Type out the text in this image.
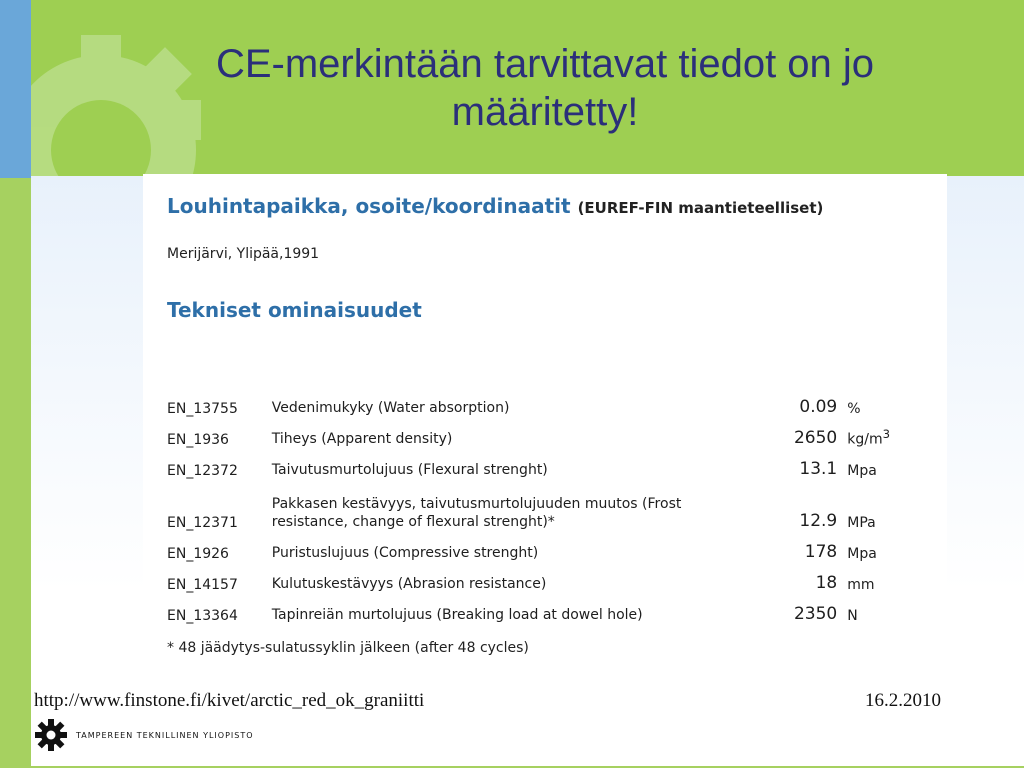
CE-merkintään tarvittavat tiedot on jo määritetty!
Louhintapaikka, osoite/koordinaatit (EUREF-FIN maantieteelliset)
Merijärvi, Ylipää,1991
Tekniset ominaisuudet
EN_13755	Vedenimukyky (Water absorption)	0.09	%
EN_1936	Tiheys (Apparent density)	2650	$kg/m^3$
EN_12372	Taivutusmurtolujuus (Flexural strenght)	13.1	Mpa
EN_12371	Pakkasen kestävyys, taivutusmurtolujuuden muutos (Frost resistance, change of flexural strenght)*	12.9	MPa
EN_1926	Puristuslujuus (Compressive strenght)	178	Mpa
EN_14157	Kulutuskestävyys (Abrasion resistance)	18	mm
EN_13364	Tapinreiän murtolujuus (Breaking load at dowel hole)	2350	N
* 48 jäädytys-sulatussyklin jälkeen (after 48 cycles)
http://www.finstone.fi/kivet/arctic_red_ok_graniitti	16.2.2010
TAMPEREEN TEKNILLINEN YLIOPISTO
